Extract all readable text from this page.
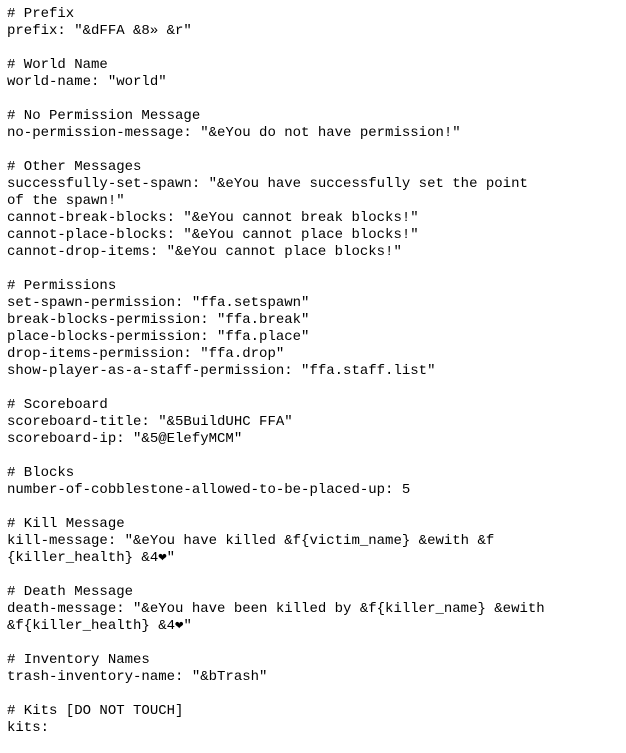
# Prefix
prefix: "&dFFA &8» &r"
# World Name
world-name: "world"
# No Permission Message
no-permission-message: "&eYou do not have permission!"
# Other Messages
successfully-set-spawn: "&eYou have successfully set the point
of the spawn!"
cannot-break-blocks: "&eYou cannot break blocks!"
cannot-place-blocks: "&eYou cannot place blocks!"
cannot-drop-items: "&eYou cannot place blocks!"
# Permissions
set-spawn-permission: "ffa.setspawn"
break-blocks-permission: "ffa.break"
place-blocks-permission: "ffa.place"
drop-items-permission: "ffa.drop"
show-player-as-a-staff-permission: "ffa.staff.list"
# Scoreboard
scoreboard-title: "&5BuildUHC FFA"
scoreboard-ip: "&5@ElefyMCM"
# Blocks
number-of-cobblestone-allowed-to-be-placed-up: 5
# Kill Message
kill-message: "&eYou have killed &f{victim_name} &ewith &f
{killer_health} &4❤"
# Death Message
death-message: "&eYou have been killed by &f{killer_name} &ewith
&f{killer_health} &4❤"
# Inventory Names
trash-inventory-name: "&bTrash"
# Kits [DO NOT TOUCH]
kits:
